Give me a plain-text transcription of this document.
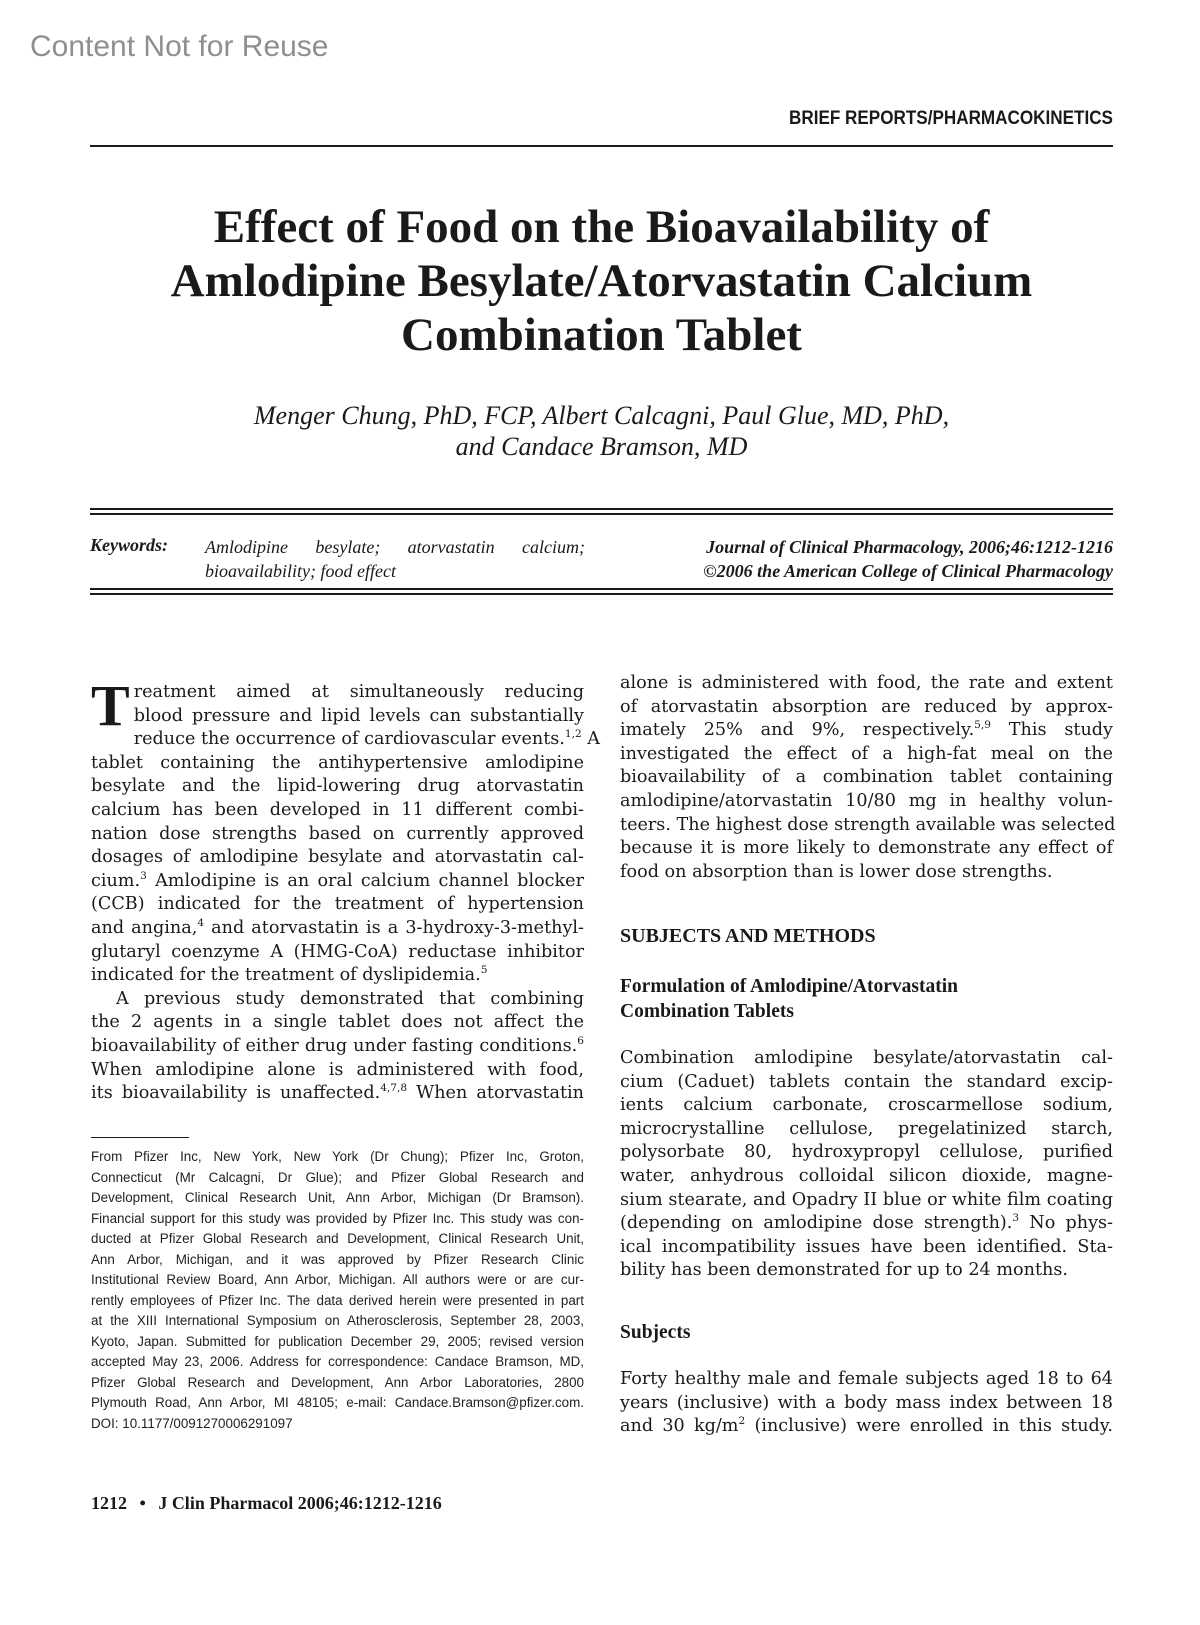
Content Not for Reuse
BRIEF REPORTS/PHARMACOKINETICS
Effect of Food on the Bioavailability of
Amlodipine Besylate/Atorvastatin Calcium
Combination Tablet
Menger Chung, PhD, FCP, Albert Calcagni, Paul Glue, MD, PhD,
and Candace Bramson, MD
Keywords: Amlodipine besylate; atorvastatin calcium;
bioavailability; food effect
Journal of Clinical Pharmacology, 2006;46:1212-1216
©2006 the American College of Clinical Pharmacology
T reatment aimed at simultaneously reducing
blood pressure and lipid levels can substantially
reduce the occurrence of cardiovascular events.$^{1,2}$ A
tablet containing the antihypertensive amlodipine
besylate and the lipid-lowering drug atorvastatin
calcium has been developed in 11 different combi-
nation dose strengths based on currently approved
dosages of amlodipine besylate and atorvastatin cal-
cium.$^3$ Amlodipine is an oral calcium channel blocker
(CCB) indicated for the treatment of hypertension
and angina,$^4$ and atorvastatin is a 3-hydroxy-3-methyl-
glutaryl coenzyme A (HMG-CoA) reductase inhibitor
indicated for the treatment of dyslipidemia.$^5$
A previous study demonstrated that combining
the 2 agents in a single tablet does not affect the
bioavailability of either drug under fasting conditions.$^6$
When amlodipine alone is administered with food,
its bioavailability is unaffected.$^{4,7,8}$ When atorvastatin
alone is administered with food, the rate and extent
of atorvastatin absorption are reduced by approx-
imately 25% and 9%, respectively.$^{5,9}$ This study
investigated the effect of a high-fat meal on the
bioavailability of a combination tablet containing
amlodipine/atorvastatin 10/80 mg in healthy volun-
teers. The highest dose strength available was selected
because it is more likely to demonstrate any effect of
food on absorption than is lower dose strengths.
SUBJECTS AND METHODS
Formulation of Amlodipine/Atorvastatin
Combination Tablets
Combination amlodipine besylate/atorvastatin cal-
cium (Caduet) tablets contain the standard excip-
ients calcium carbonate, croscarmellose sodium,
microcrystalline cellulose, pregelatinized starch,
polysorbate 80, hydroxypropyl cellulose, purified
water, anhydrous colloidal silicon dioxide, magne-
sium stearate, and Opadry II blue or white film coating
(depending on amlodipine dose strength).$^3$ No phys-
ical incompatibility issues have been identified. Sta-
bility has been demonstrated for up to 24 months.
Subjects
Forty healthy male and female subjects aged 18 to 64
years (inclusive) with a body mass index between 18
and 30 $kg/m^2$ (inclusive) were enrolled in this study.
From Pfizer Inc, New York, New York (Dr Chung); Pfizer Inc, Groton,
Connecticut (Mr Calcagni, Dr Glue); and Pfizer Global Research and
Development, Clinical Research Unit, Ann Arbor, Michigan (Dr Bramson).
Financial support for this study was provided by Pfizer Inc. This study was con-
ducted at Pfizer Global Research and Development, Clinical Research Unit,
Ann Arbor, Michigan, and it was approved by Pfizer Research Clinic
Institutional Review Board, Ann Arbor, Michigan. All authors were or are cur-
rently employees of Pfizer Inc. The data derived herein were presented in part
at the XIII International Symposium on Atherosclerosis, September 28, 2003,
Kyoto, Japan. Submitted for publication December 29, 2005; revised version
accepted May 23, 2006. Address for correspondence: Candace Bramson, MD,
Pfizer Global Research and Development, Ann Arbor Laboratories, 2800
Plymouth Road, Ann Arbor, MI 48105; e-mail: Candace.Bramson@pfizer.com.
DOI: 10.1177/0091270006291097
1212 • J Clin Pharmacol 2006;46:1212-1216
